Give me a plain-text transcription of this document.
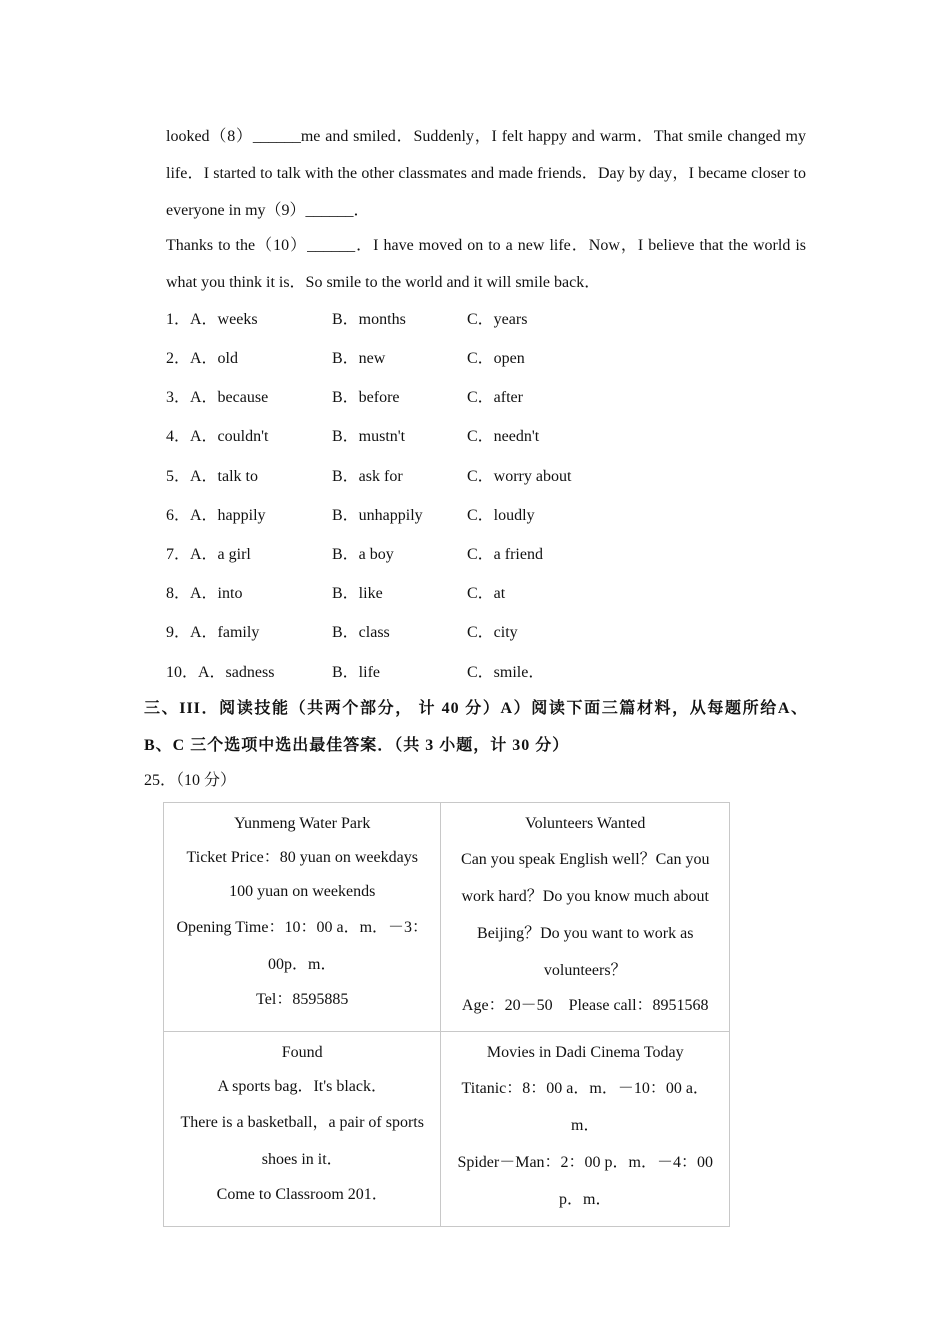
looked（8）______me and smiled．Suddenly，I felt happy and warm．That smile changed my life．I started to talk with the other classmates and made friends．Day by day，I became closer to everyone in my（9）______．

Thanks to the（10）______．I have moved on to a new life．Now，I believe that the world is what you think it is．So smile to the world and it will smile back．

1．A．weeks	B．months	C．years
2．A．old	B．new	C．open
3．A．because	B．before	C．after
4．A．couldn't	B．mustn't	C．needn't
5．A．talk to	B．ask for	C．worry about
6．A．happily	B．unhappily	C．loudly
7．A．a girl	B．a boy	C．a friend
8．A．into	B．like	C．at
9．A．family	B．class	C．city
10．A．sadness	B．life	C．smile．

三、III．阅读技能（共两个部分， 计 40 分）A）阅读下面三篇材料，从每题所给A、B、C 三个选项中选出最佳答案．（共 3 小题，计 30 分）

25．（10 分）
Yunmeng Water Park
Ticket Price：80 yuan on weekdays
100 yuan on weekends
Opening Time：10：00 a．m．－3：00p．m．
Tel：8595885	Volunteers Wanted
Can you speak English well？Can you work hard？Do you know much about Beijing？Do you want to work as volunteers？
Age：20－50　Please call：8951568

Found
A sports bag．It's black．
There is a basketball，a pair of sports shoes in it．
Come to Classroom 201．	Movies in Dadi Cinema Today
Titanic：8：00 a．m．－10：00 a．m．
Spider－Man：2：00 p．m．－4：00 p．m．
